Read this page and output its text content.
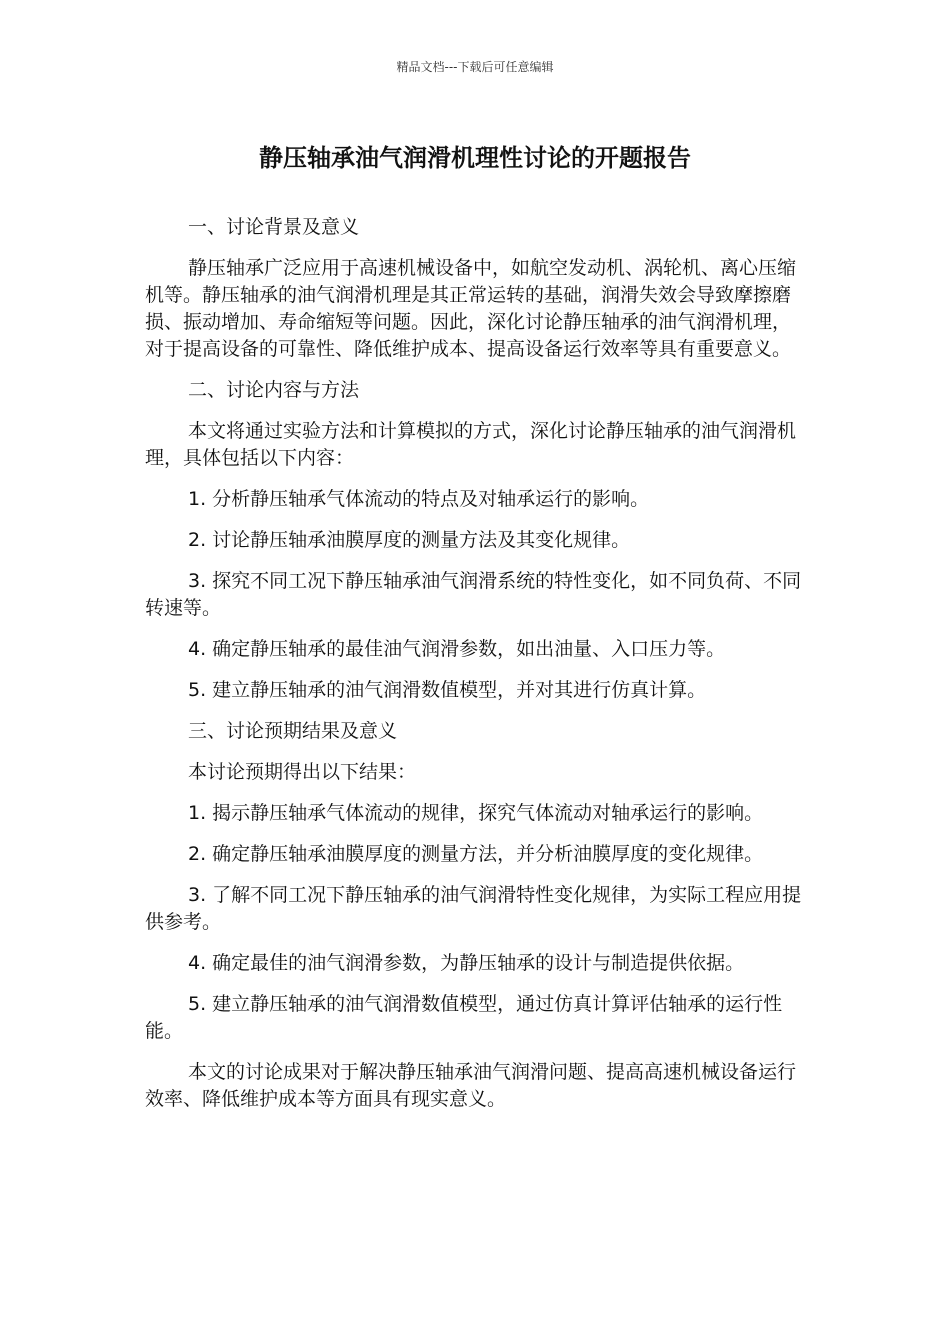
精品文档---下载后可任意编辑
静压轴承油气润滑机理性讨论的开题报告

一、讨论背景及意义

静压轴承广泛应用于高速机械设备中，如航空发动机、涡轮机、离心压缩机等。静压轴承的油气润滑机理是其正常运转的基础，润滑失效会导致摩擦磨损、振动增加、寿命缩短等问题。因此，深化讨论静压轴承的油气润滑机理，对于提高设备的可靠性、降低维护成本、提高设备运行效率等具有重要意义。

二、讨论内容与方法

本文将通过实验方法和计算模拟的方式，深化讨论静压轴承的油气润滑机理，具体包括以下内容：

1. 分析静压轴承气体流动的特点及对轴承运行的影响。

2. 讨论静压轴承油膜厚度的测量方法及其变化规律。

3. 探究不同工况下静压轴承油气润滑系统的特性变化，如不同负荷、不同转速等。

4. 确定静压轴承的最佳油气润滑参数，如出油量、入口压力等。

5. 建立静压轴承的油气润滑数值模型，并对其进行仿真计算。

三、讨论预期结果及意义

本讨论预期得出以下结果：

1. 揭示静压轴承气体流动的规律，探究气体流动对轴承运行的影响。

2. 确定静压轴承油膜厚度的测量方法，并分析油膜厚度的变化规律。

3. 了解不同工况下静压轴承的油气润滑特性变化规律，为实际工程应用提供参考。

4. 确定最佳的油气润滑参数，为静压轴承的设计与制造提供依据。

5. 建立静压轴承的油气润滑数值模型，通过仿真计算评估轴承的运行性能。

本文的讨论成果对于解决静压轴承油气润滑问题、提高高速机械设备运行效率、降低维护成本等方面具有现实意义。
